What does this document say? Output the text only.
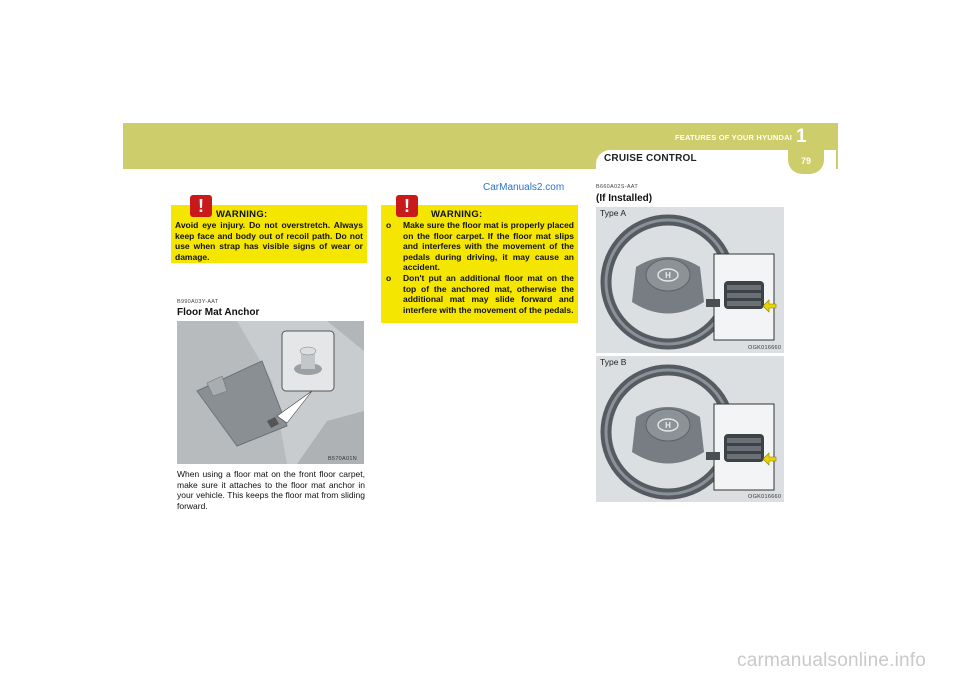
CRUISE CONTROL
FEATURES OF YOUR HYUNDAI 1
79
!	WARNING:
Avoid eye injury. Do not overstretch. Always keep face and body out of recoil path. Do not use when strap has visible signs of wear or damage.
B990A03Y-AAT
Floor Mat Anchor
B570A01N
When using a floor mat on the front floor carpet, make sure it attaches to the floor mat anchor in your vehicle. This keeps the floor mat from sliding forward.
CarManuals2.com
!	WARNING:
o Make sure the floor mat is properly placed on the floor carpet. If the floor mat slips and interferes with the movement of the pedals during driving, it may cause an accident.
o Don't put an additional floor mat on the top of the anchored mat, otherwise the additional mat may slide forward and interfere with the movement of the pedals.
B660A02S-AAT
(If Installed)
H
Type A
OGK016660
H
Type B
OGK016660
carmanualsonline.info
